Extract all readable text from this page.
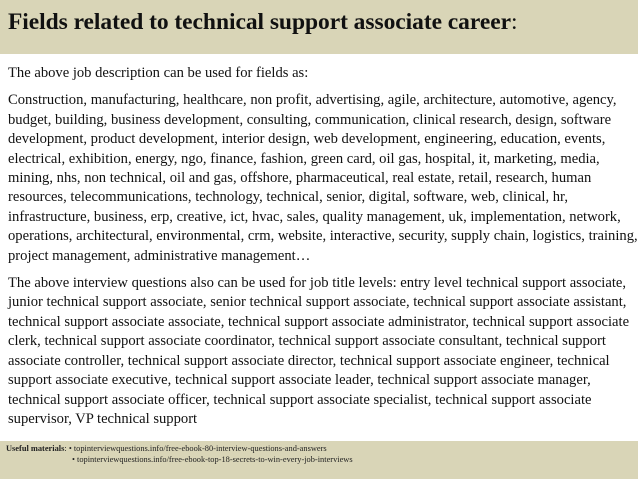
Fields related to technical support associate career:

The above job description can be used for fields as:

Construction, manufacturing, healthcare, non profit, advertising, agile, architecture, automotive, agency, budget, building, business development, consulting, communication, clinical research, design, software development, product development, interior design, web development, engineering, education, events, electrical, exhibition, energy, ngo, finance, fashion, green card, oil gas, hospital, it, marketing, media, mining, nhs, non technical, oil and gas, offshore, pharmaceutical, real estate, retail, research, human resources, telecommunications, technology, technical, senior, digital, software, web, clinical, hr, infrastructure, business, erp, creative, ict, hvac, sales, quality management, uk, implementation, network, operations, architectural, environmental, crm, website, interactive, security, supply chain, logistics, training, project management, administrative management…

The above interview questions also can be used for job title levels: entry level technical support associate, junior technical support associate, senior technical support associate, technical support associate assistant, technical support associate associate, technical support associate administrator, technical support associate clerk, technical support associate coordinator, technical support associate consultant, technical support associate controller, technical support associate director, technical support associate engineer, technical support associate executive, technical support associate leader, technical support associate manager, technical support associate officer, technical support associate specialist, technical support associate supervisor, VP technical support

Useful materials: • topinterviewquestions.info/free-ebook-80-interview-questions-and-answers
• topinterviewquestions.info/free-ebook-top-18-secrets-to-win-every-job-interviews
